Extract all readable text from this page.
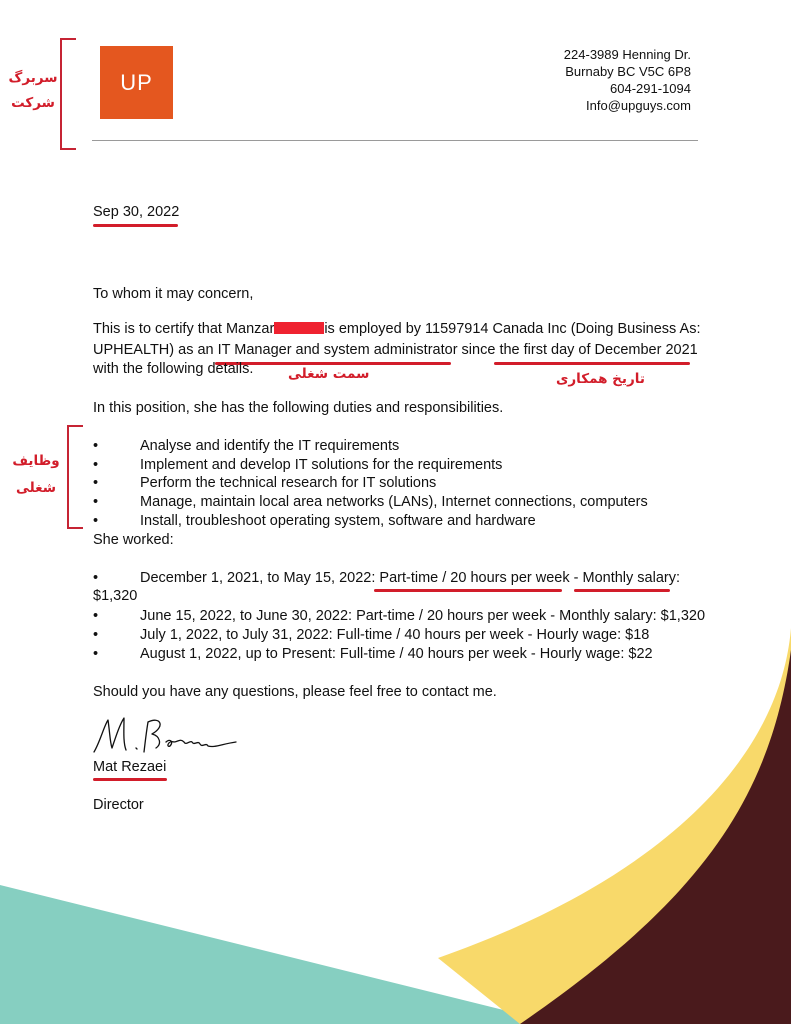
UP
224-3989 Henning Dr.
Burnaby BC V5C 6P8
604-291-1094
Info@upguys.com
سربرگ
شرکت
Sep 30, 2022
To whom it may concern,
This is to certify that Manzar	is employed by 11597914 Canada Inc (Doing Business As:
UPHEALTH) as an IT Manager and system administrator since the first day of December 2021
with the following details.	سمت شغلی	تاریخ همکاری
In this position, she has the following duties and responsibilities.
وظایف
شغلی
•	Analyse and identify the IT requirements
•	Implement and develop IT solutions for the requirements
•	Perform the technical research for IT solutions
•	Manage, maintain local area networks (LANs), Internet connections, computers
•	Install, troubleshoot operating system, software and hardware
She worked:
•	December 1, 2021, to May 15, 2022: Part-time / 20 hours per week - Monthly salary:
$1,320
•	June 15, 2022, to June 30, 2022: Part-time / 20 hours per week - Monthly salary: $1,320
•	July 1, 2022, to July 31, 2022: Full-time / 40 hours per week - Hourly wage: $18
•	August 1, 2022, up to Present: Full-time / 40 hours per week - Hourly wage: $22
Should you have any questions, please feel free to contact me.
Mat Rezaei
Director
